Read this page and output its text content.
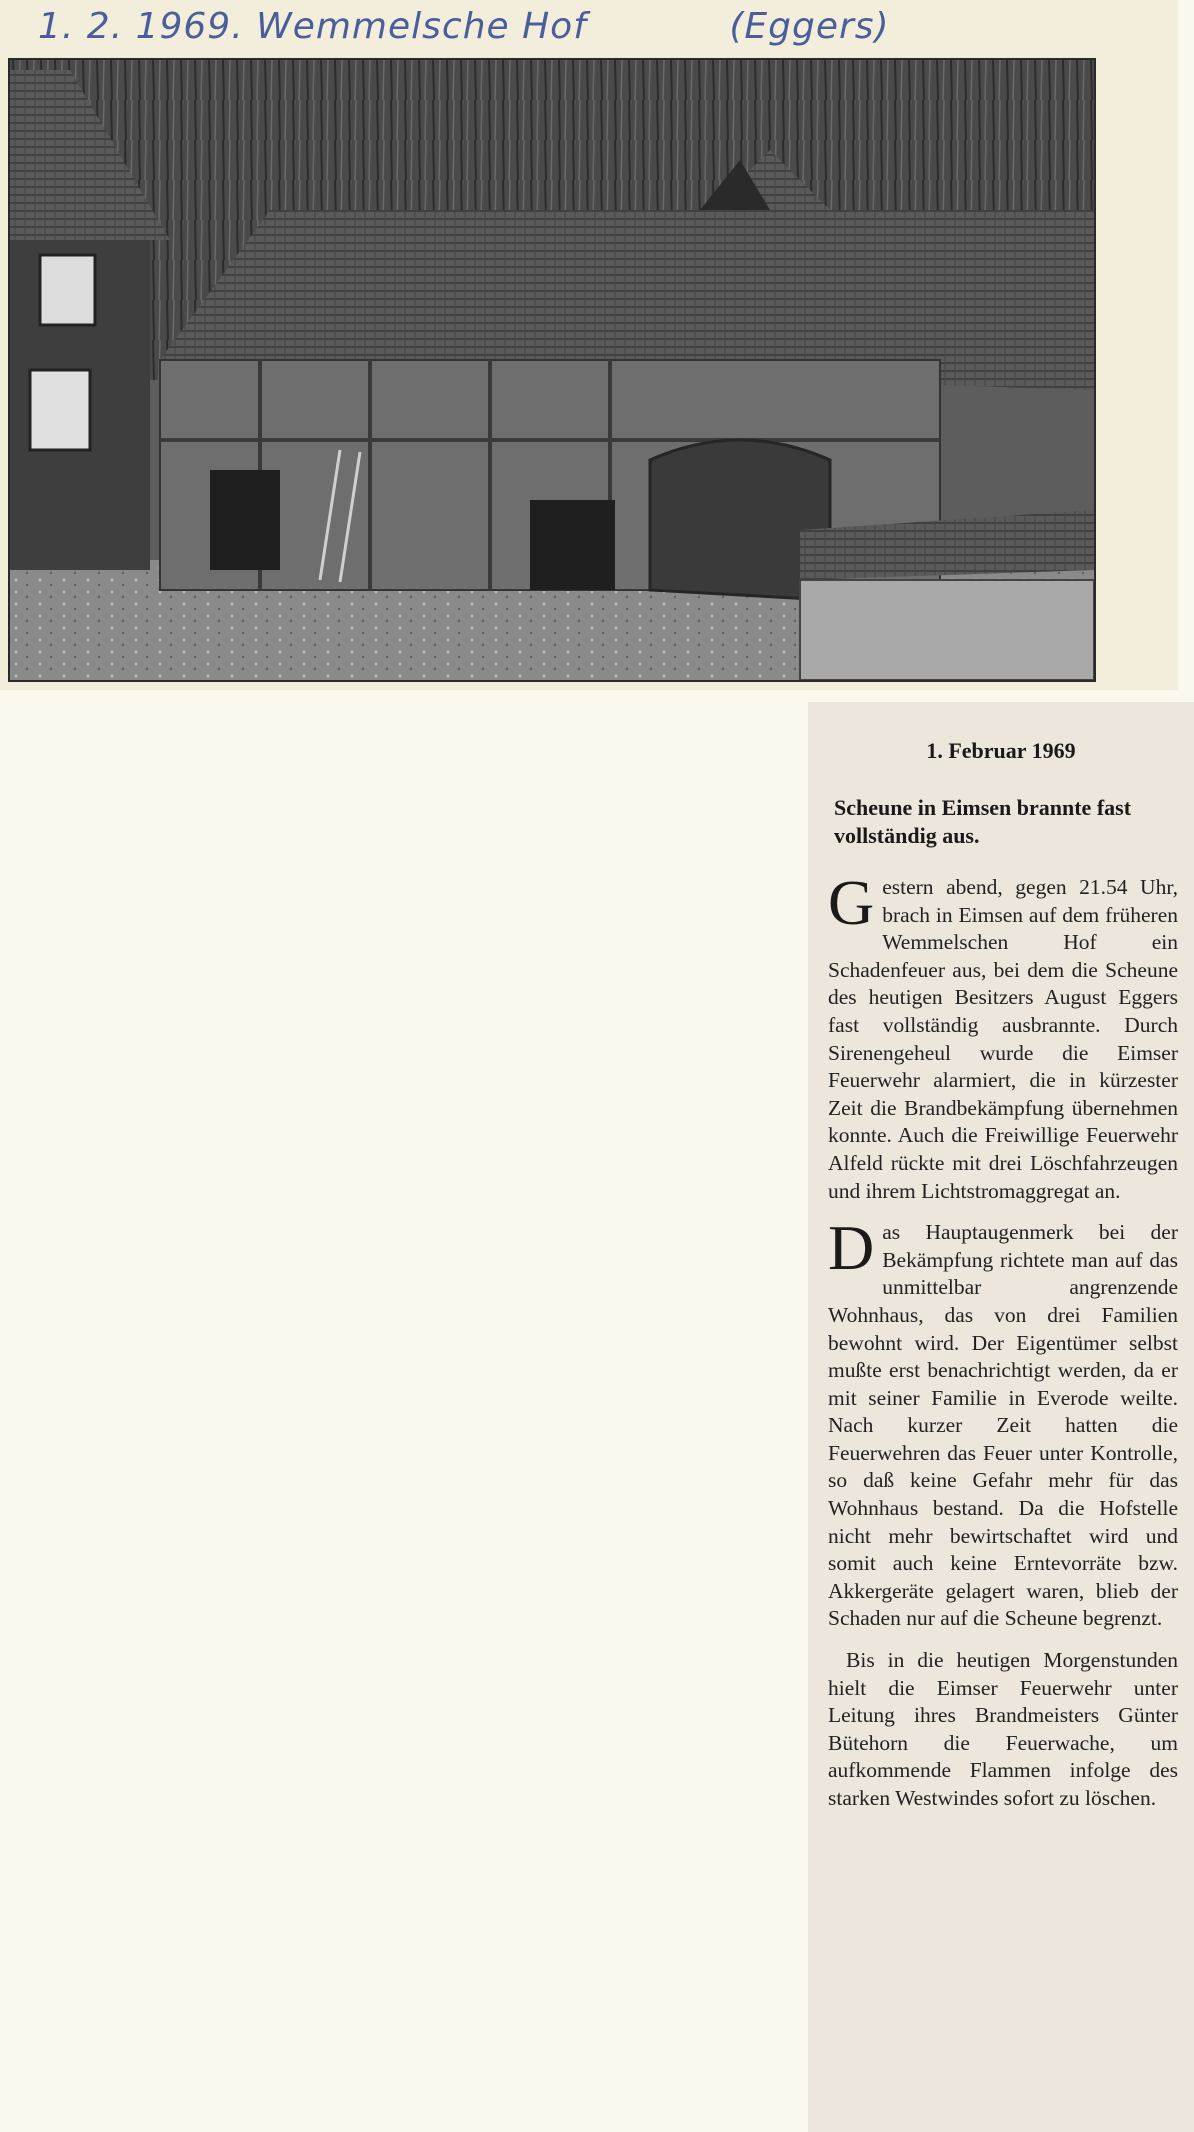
1. 2. 1969. Wemmelsche Hof	(Eggers)
1. Februar 1969
Scheune in Eimsen brannte fast vollständig aus.

Gestern abend, gegen 21.54 Uhr, brach in Eimsen auf dem früheren Wemmelschen Hof ein Schadenfeuer aus, bei dem die Scheune des heutigen Besitzers August Eggers fast vollständig ausbrannte. Durch Sirenengeheul wurde die Eimser Feuerwehr alarmiert, die in kürzester Zeit die Brandbekämpfung übernehmen konnte. Auch die Freiwillige Feuerwehr Alfeld rückte mit drei Löschfahrzeugen und ihrem Lichtstromaggregat an.

Das Hauptaugenmerk bei der Bekämpfung richtete man auf das unmittelbar angrenzende Wohnhaus, das von drei Familien bewohnt wird. Der Eigentümer selbst mußte erst benachrichtigt werden, da er mit seiner Familie in Everode weilte. Nach kurzer Zeit hatten die Feuerwehren das Feuer unter Kontrolle, so daß keine Gefahr mehr für das Wohnhaus bestand. Da die Hofstelle nicht mehr bewirtschaftet wird und somit auch keine Erntevorräte bzw. Akkergeräte gelagert waren, blieb der Schaden nur auf die Scheune begrenzt.

Bis in die heutigen Morgenstunden hielt die Eimser Feuerwehr unter Leitung ihres Brandmeisters Günter Bütehorn die Feuerwache, um aufkommende Flammen infolge des starken Westwindes sofort zu löschen.
